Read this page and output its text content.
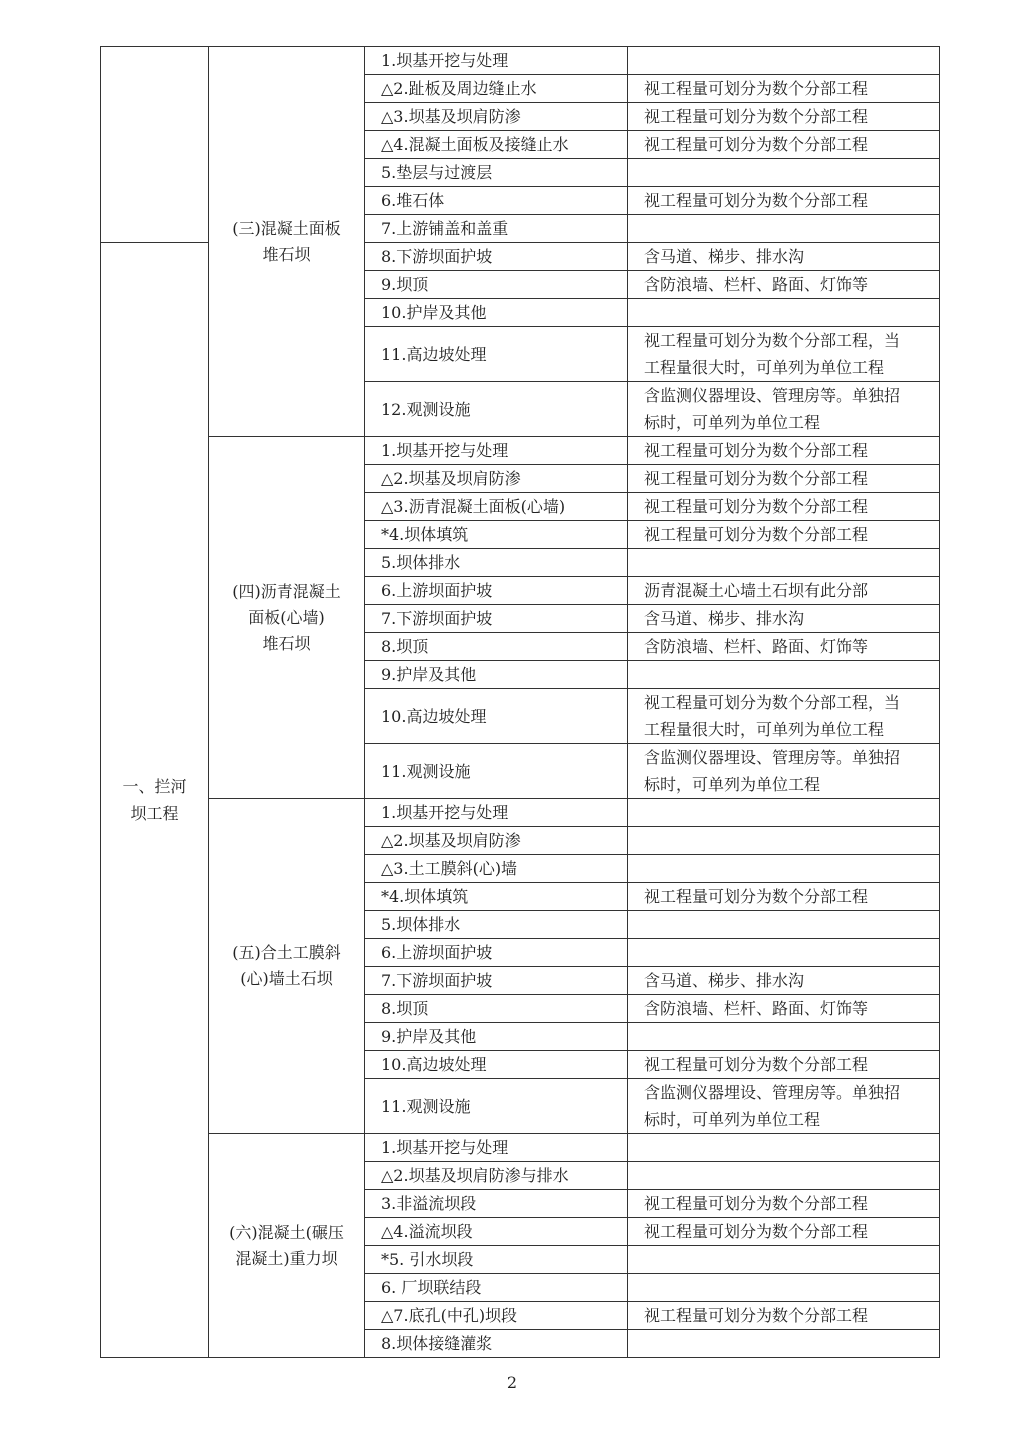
	(三)混凝土面板
堆石坝	1.坝基开挖与处理	
		△2.趾板及周边缝止水	视工程量可划分为数个分部工程
		△3.坝基及坝肩防渗	视工程量可划分为数个分部工程
		△4.混凝土面板及接缝止水	视工程量可划分为数个分部工程
		5.垫层与过渡层	
		6.堆石体	视工程量可划分为数个分部工程
		7.上游铺盖和盖重	
一、拦河
坝工程		8.下游坝面护坡	含马道、梯步、排水沟
		9.坝顶	含防浪墙、栏杆、路面、灯饰等
		10.护岸及其他	
		11.高边坡处理	视工程量可划分为数个分部工程，当
工程量很大时，可单列为单位工程
		12.观测设施	含监测仪器埋设、管理房等。单独招
标时，可单列为单位工程
	(四)沥青混凝土
面板(心墙)
堆石坝	1.坝基开挖与处理	视工程量可划分为数个分部工程
		△2.坝基及坝肩防渗	视工程量可划分为数个分部工程
		△3.沥青混凝土面板(心墙)	视工程量可划分为数个分部工程
		*4.坝体填筑	视工程量可划分为数个分部工程
		5.坝体排水	
		6.上游坝面护坡	沥青混凝土心墙土石坝有此分部
		7.下游坝面护坡	含马道、梯步、排水沟
		8.坝顶	含防浪墙、栏杆、路面、灯饰等
		9.护岸及其他	
		10.高边坡处理	视工程量可划分为数个分部工程，当
工程量很大时，可单列为单位工程
		11.观测设施	含监测仪器埋设、管理房等。单独招
标时，可单列为单位工程
	(五)合土工膜斜
(心)墙土石坝	1.坝基开挖与处理	
		△2.坝基及坝肩防渗	
		△3.土工膜斜(心)墙	
		*4.坝体填筑	视工程量可划分为数个分部工程
		5.坝体排水	
		6.上游坝面护坡	
		7.下游坝面护坡	含马道、梯步、排水沟
		8.坝顶	含防浪墙、栏杆、路面、灯饰等
		9.护岸及其他	
		10.高边坡处理	视工程量可划分为数个分部工程
		11.观测设施	含监测仪器埋设、管理房等。单独招
标时，可单列为单位工程
	(六)混凝土(碾压
混凝土)重力坝	1.坝基开挖与处理	
		△2.坝基及坝肩防渗与排水	
		3.非溢流坝段	视工程量可划分为数个分部工程
		△4.溢流坝段	视工程量可划分为数个分部工程
		*5. 引水坝段	
		6. 厂坝联结段	
		△7.底孔(中孔)坝段	视工程量可划分为数个分部工程
		8.坝体接缝灌浆	
2
